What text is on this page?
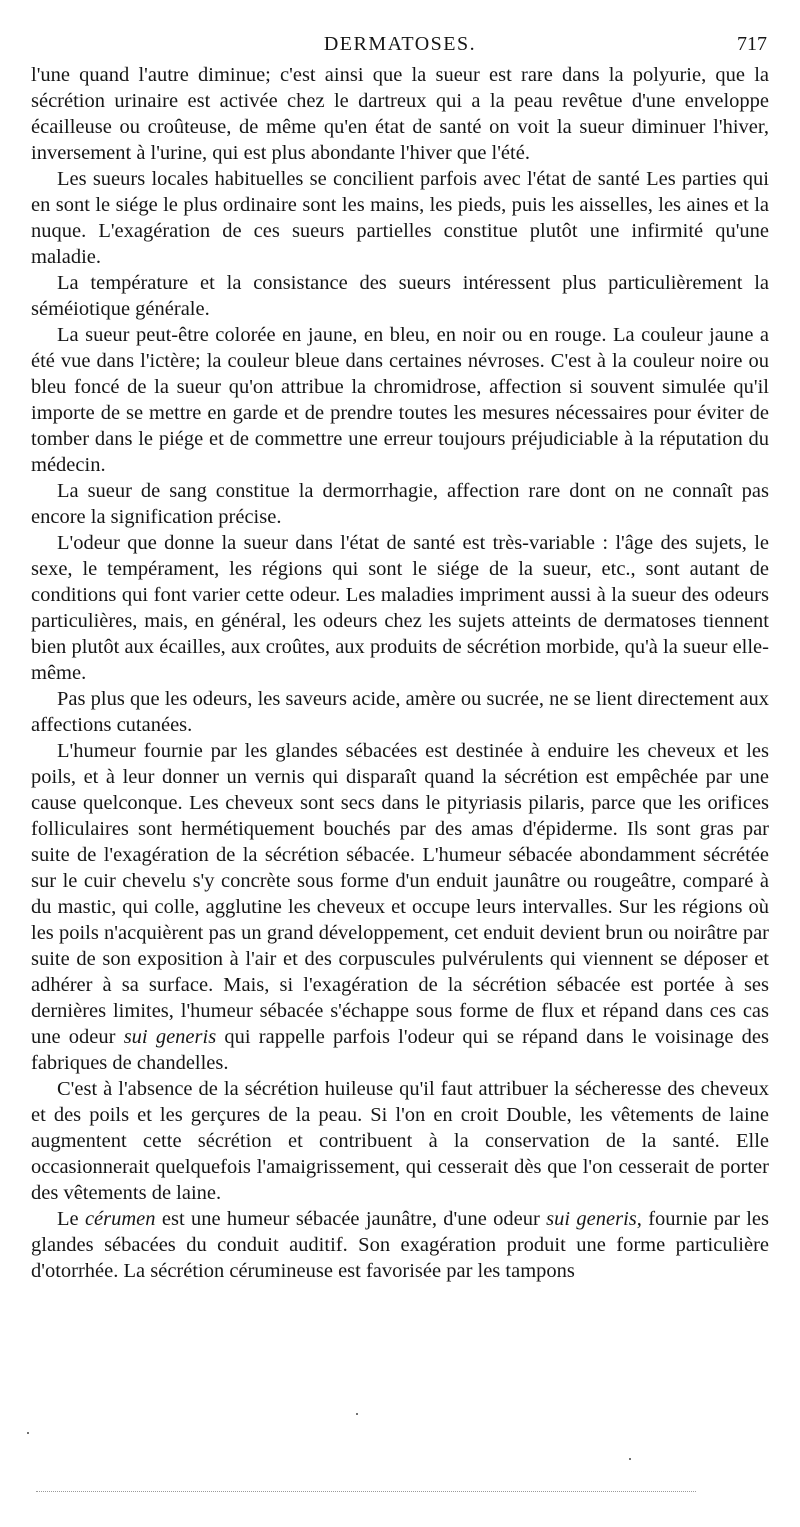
DERMATOSES.	717

l'une quand l'autre diminue; c'est ainsi que la sueur est rare dans la polyurie, que la sécrétion urinaire est activée chez le dartreux qui a la peau revêtue d'une enveloppe écailleuse ou croûteuse, de même qu'en état de santé on voit la sueur diminuer l'hiver, inversement à l'urine, qui est plus abondante l'hiver que l'été.

Les sueurs locales habituelles se concilient parfois avec l'état de santé Les parties qui en sont le siége le plus ordinaire sont les mains, les pieds, puis les aisselles, les aines et la nuque. L'exagération de ces sueurs partielles constitue plutôt une infirmité qu'une maladie.

La température et la consistance des sueurs intéressent plus particulièrement la séméiotique générale.

La sueur peut-être colorée en jaune, en bleu, en noir ou en rouge. La couleur jaune a été vue dans l'ictère; la couleur bleue dans certaines névroses. C'est à la couleur noire ou bleu foncé de la sueur qu'on attribue la chromidrose, affection si souvent simulée qu'il importe de se mettre en garde et de prendre toutes les mesures nécessaires pour éviter de tomber dans le piége et de commettre une erreur toujours préjudiciable à la réputation du médecin.

La sueur de sang constitue la dermorrhagie, affection rare dont on ne connaît pas encore la signification précise.

L'odeur que donne la sueur dans l'état de santé est très-variable : l'âge des sujets, le sexe, le tempérament, les régions qui sont le siége de la sueur, etc., sont autant de conditions qui font varier cette odeur. Les maladies impriment aussi à la sueur des odeurs particulières, mais, en général, les odeurs chez les sujets atteints de dermatoses tiennent bien plutôt aux écailles, aux croûtes, aux produits de sécrétion morbide, qu'à la sueur elle-même.

Pas plus que les odeurs, les saveurs acide, amère ou sucrée, ne se lient directement aux affections cutanées.

L'humeur fournie par les glandes sébacées est destinée à enduire les cheveux et les poils, et à leur donner un vernis qui disparaît quand la sécrétion est empêchée par une cause quelconque. Les cheveux sont secs dans le pityriasis pilaris, parce que les orifices folliculaires sont hermétiquement bouchés par des amas d'épiderme. Ils sont gras par suite de l'exagération de la sécrétion sébacée. L'humeur sébacée abondamment sécrétée sur le cuir chevelu s'y concrète sous forme d'un enduit jaunâtre ou rougeâtre, comparé à du mastic, qui colle, agglutine les cheveux et occupe leurs intervalles. Sur les régions où les poils n'acquièrent pas un grand développement, cet enduit devient brun ou noirâtre par suite de son exposition à l'air et des corpuscules pulvérulents qui viennent se déposer et adhérer à sa surface. Mais, si l'exagération de la sécrétion sébacée est portée à ses dernières limites, l'humeur sébacée s'échappe sous forme de flux et répand dans ces cas une odeur sui generis qui rappelle parfois l'odeur qui se répand dans le voisinage des fabriques de chandelles.

C'est à l'absence de la sécrétion huileuse qu'il faut attribuer la sécheresse des cheveux et des poils et les gerçures de la peau. Si l'on en croit Double, les vêtements de laine augmentent cette sécrétion et contribuent à la conservation de la santé. Elle occasionnerait quelquefois l'amaigrissement, qui cesserait dès que l'on cesserait de porter des vêtements de laine.

Le cérumen est une humeur sébacée jaunâtre, d'une odeur sui generis, fournie par les glandes sébacées du conduit auditif. Son exagération produit une forme particulière d'otorrhée. La sécrétion cérumineuse est favorisée par les tampons
